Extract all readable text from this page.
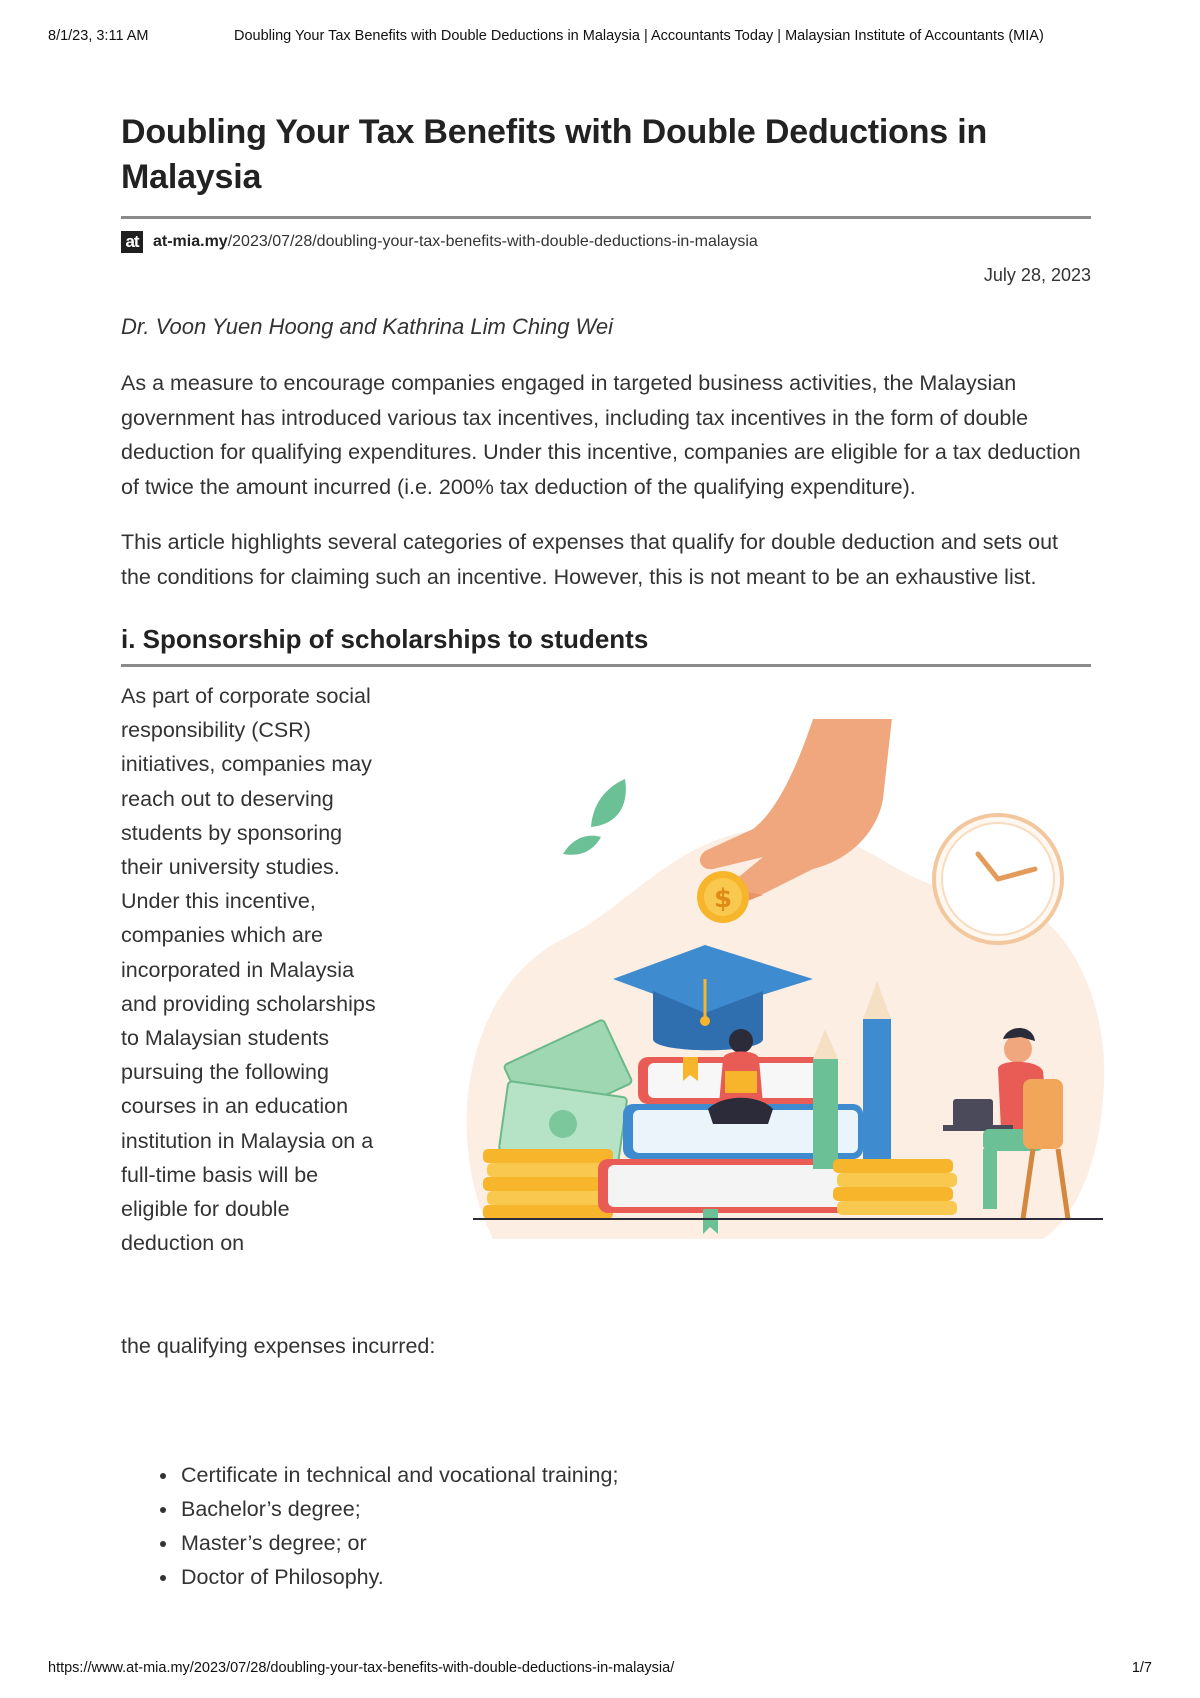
8/1/23, 3:11 AM	Doubling Your Tax Benefits with Double Deductions in Malaysia | Accountants Today | Malaysian Institute of Accountants (MIA)
Doubling Your Tax Benefits with Double Deductions in Malaysia
at at-mia.my/2023/07/28/doubling-your-tax-benefits-with-double-deductions-in-malaysia
July 28, 2023
Dr. Voon Yuen Hoong and Kathrina Lim Ching Wei

As a measure to encourage companies engaged in targeted business activities, the Malaysian government has introduced various tax incentives, including tax incentives in the form of double deduction for qualifying expenditures. Under this incentive, companies are eligible for a tax deduction of twice the amount incurred (i.e. 200% tax deduction of the qualifying expenditure).

This article highlights several categories of expenses that qualify for double deduction and sets out the conditions for claiming such an incentive. However, this is not meant to be an exhaustive list.

i. Sponsorship of scholarships to students
As part of corporate social responsibility (CSR) initiatives, companies may reach out to deserving students by sponsoring their university studies. Under this incentive, companies which are incorporated in Malaysia and providing scholarships to Malaysian students pursuing the following courses in an education institution in Malaysia on a full-time basis will be eligible for double deduction on
the qualifying expenses incurred:
$
• Certificate in technical and vocational training;
• Bachelor’s degree;
• Master’s degree; or
• Doctor of Philosophy.
https://www.at-mia.my/2023/07/28/doubling-your-tax-benefits-with-double-deductions-in-malaysia/	1/7
